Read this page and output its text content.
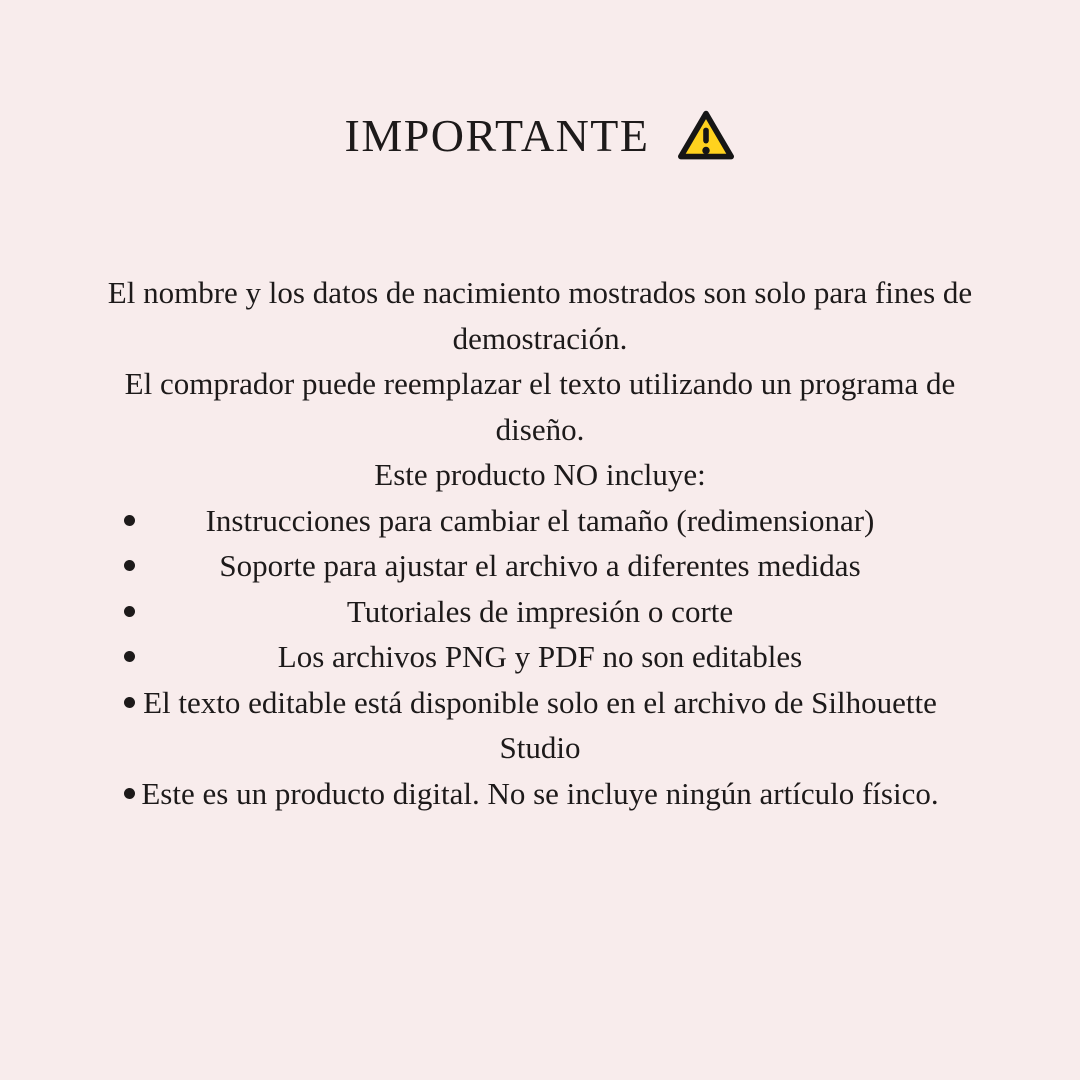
IMPORTANTE

El nombre y los datos de nacimiento mostrados son solo para fines de demostración.

El comprador puede reemplazar el texto utilizando un programa de diseño.

Este producto NO incluye:

Instrucciones para cambiar el tamaño (redimensionar)
Soporte para ajustar el archivo a diferentes medidas
Tutoriales de impresión o corte
Los archivos PNG y PDF no son editables
El texto editable está disponible solo en el archivo de Silhouette Studio
Este es un producto digital. No se incluye ningún artículo físico.
